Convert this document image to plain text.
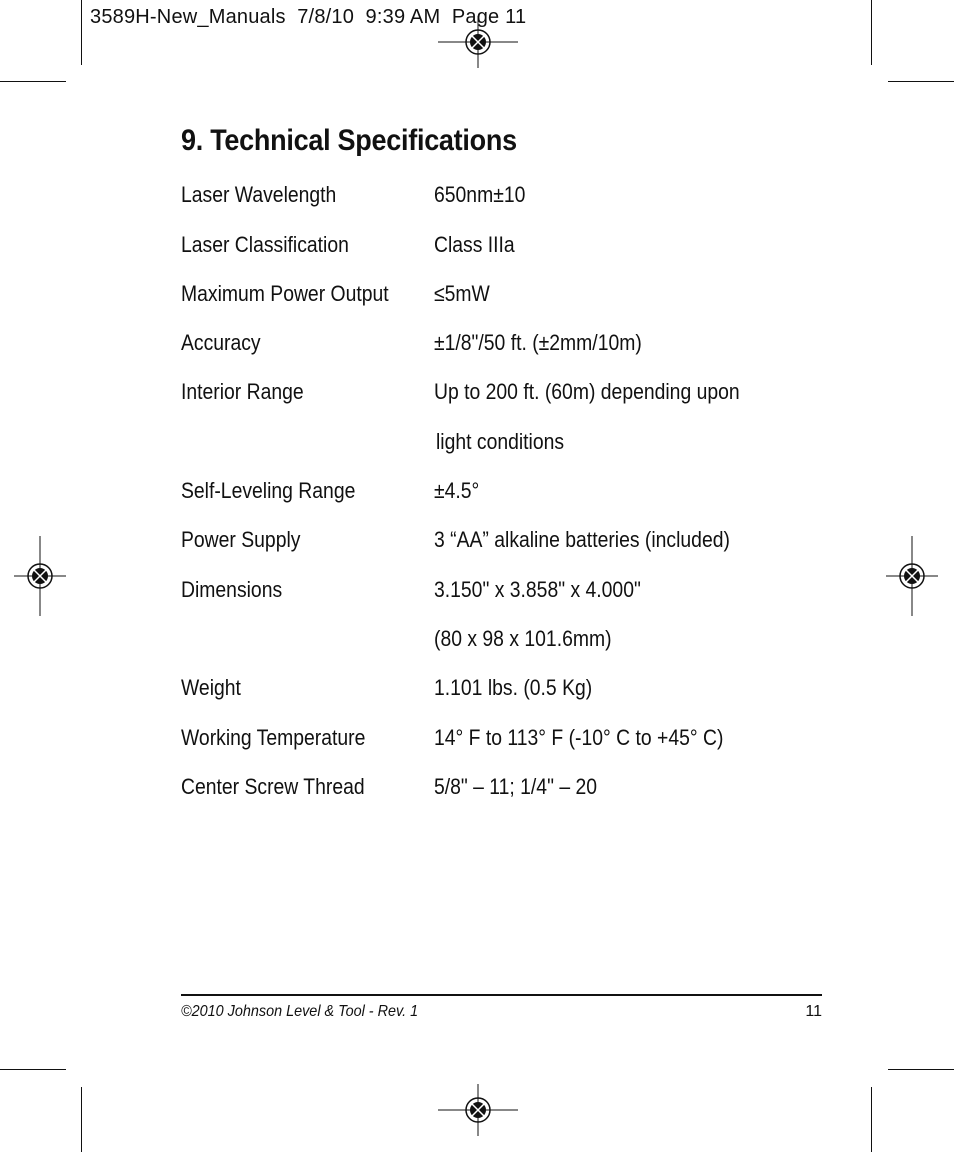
3589H-New_Manuals  7/8/10  9:39 AM  Page 11
9. Technical Specifications
Laser Wavelength	650nm±10
Laser Classification	Class IIIa
Maximum Power Output ≤5mW
Accuracy	±1/8"/50 ft. (±2mm/10m)
Interior Range	Up to 200 ft. (60m) depending upon
light conditions
Self-Leveling Range	±4.5°
Power Supply	3 “AA” alkaline batteries (included)
Dimensions	3.150" x 3.858" x 4.000"
(80 x 98 x 101.6mm)
Weight	1.101 lbs. (0.5 Kg)
Working Temperature	14° F to 113° F (-10° C to +45° C)
Center Screw Thread	5/8" – 11; 1/4" – 20
©2010 Johnson Level & Tool - Rev. 1	11
